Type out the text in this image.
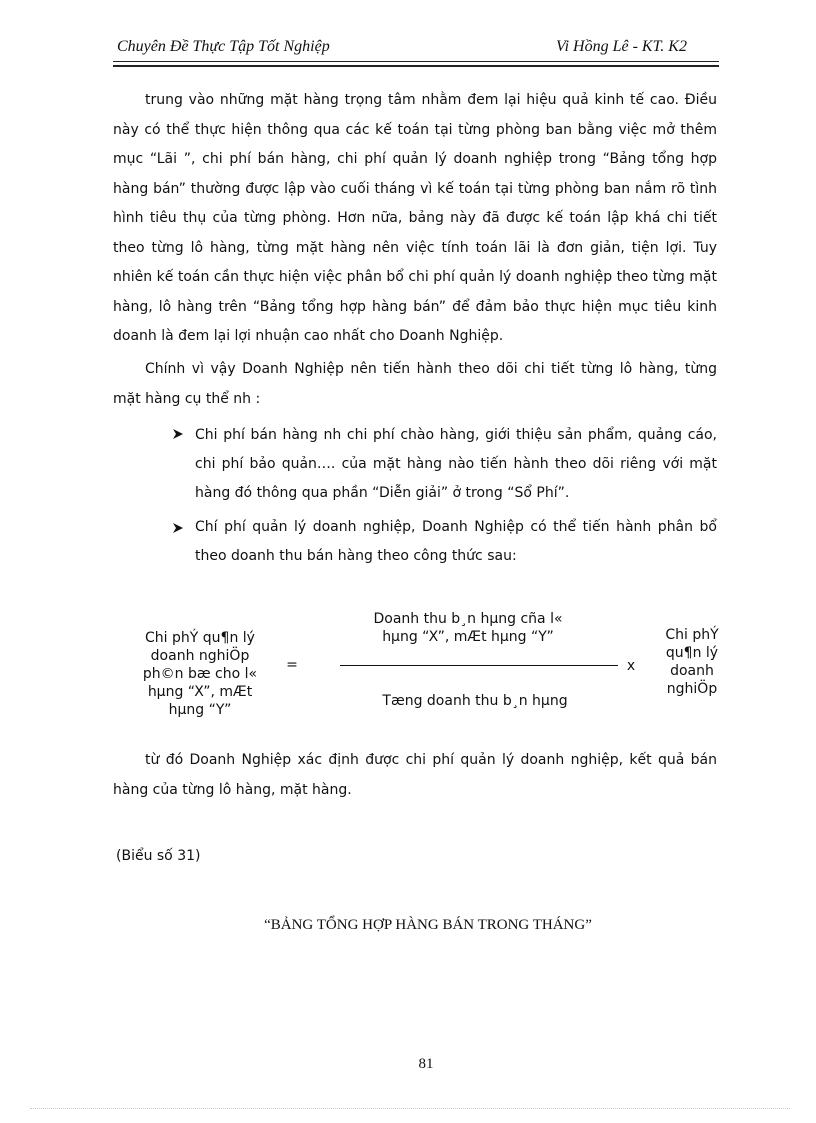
Chuyên Đề Thực Tập Tốt Nghiệp	Vi Hồng Lê - KT. K2
trung vào những mặt hàng trọng tâm nhằm đem lại hiệu quả kinh tế cao. Điều này có thể thực hiện thông qua các kế toán tại từng phòng ban bằng việc mở thêm mục “Lãi ”, chi phí bán hàng, chi phí quản lý doanh nghiệp trong “Bảng tổng hợp hàng bán” thường được lập vào cuối tháng vì kế toán tại từng phòng ban nắm rõ tình hình tiêu thụ của từng phòng. Hơn nữa, bảng này đã được kế toán lập khá chi tiết theo từng lô hàng, từng mặt hàng nên việc tính toán lãi là đơn giản, tiện lợi. Tuy nhiên kế toán cần thực hiện việc phân bổ chi phí quản lý doanh nghiệp theo từng mặt hàng, lô hàng trên “Bảng tổng hợp hàng bán” để đảm bảo thực hiện mục tiêu kinh doanh là đem lại lợi nhuận cao nhất cho Doanh Nghiệp.
Chính vì vậy Doanh Nghiệp nên tiến hành theo dõi chi tiết từng lô hàng, từng mặt hàng cụ thể nh :
Chi phí bán hàng nh chi phí chào hàng, giới thiệu sản phẩm, quảng cáo, chi phí bảo quản…. của mặt hàng nào tiến hành theo dõi riêng với mặt hàng đó thông qua phần “Diễn giải” ở trong “Sổ Phí”.
Chí phí quản lý doanh nghiệp, Doanh Nghiệp có thể tiến hành phân bổ theo doanh thu bán hàng theo công thức sau:
Chi phÝ qu¶n lý doanh nghiÖp ph©n bæ cho l« hµng “X”, mÆt hµng “Y”
=
Doanh thu b¸n hµng cña l« hµng “X”, mÆt hµng “Y”
x
Tæng doanh thu b¸n hµng
Chi phÝ qu¶n lý doanh nghiÖp
từ đó Doanh Nghiệp xác định được chi phí quản lý doanh nghiệp, kết quả bán hàng của từng lô hàng, mặt hàng.
(Biểu số 31)
“BẢNG TỔNG HỢP HÀNG BÁN TRONG THÁNG”
81
